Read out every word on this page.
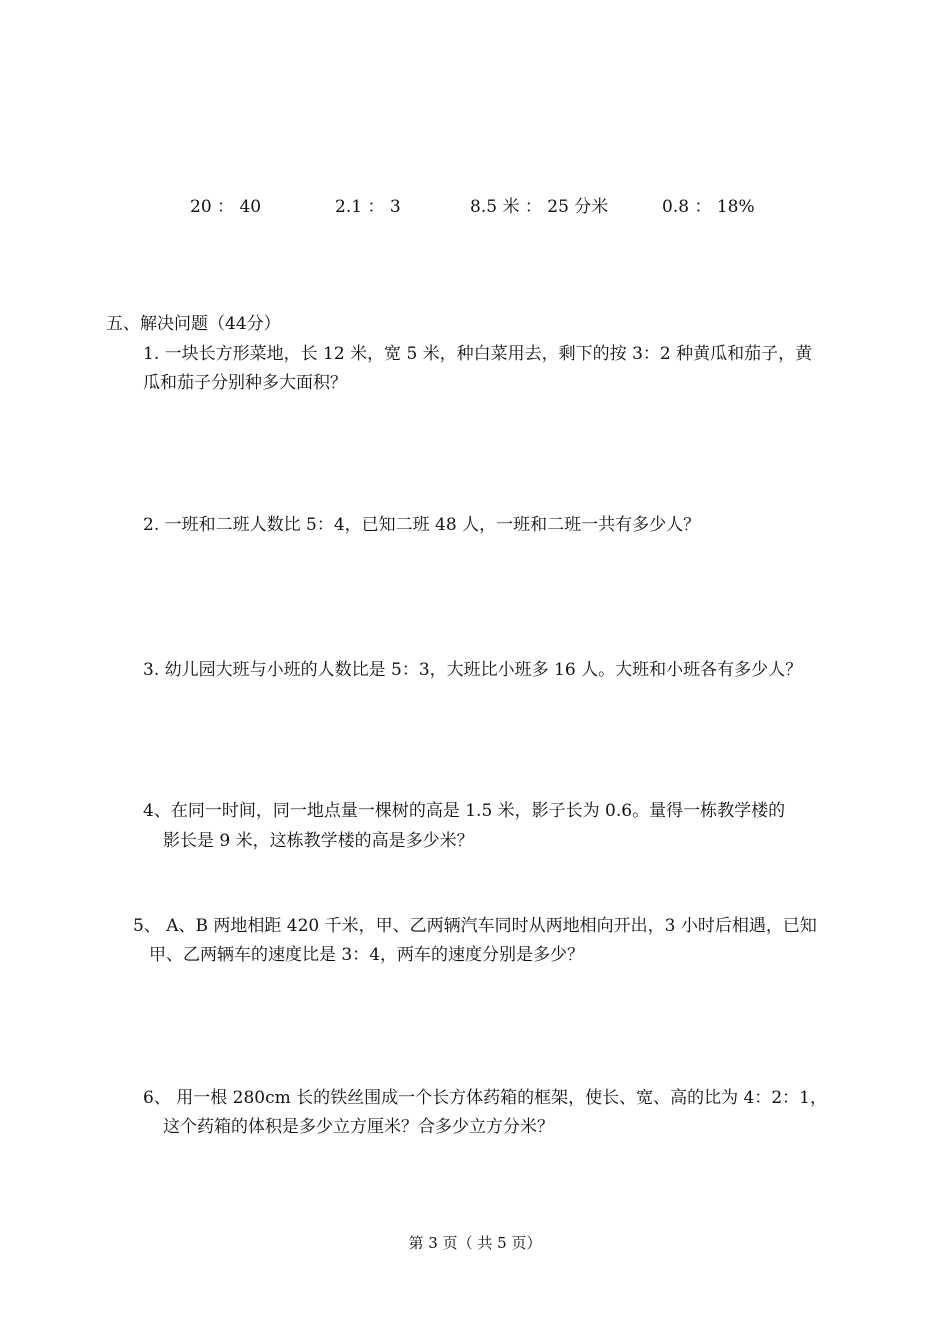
20 ： 40	2.1 ： 3	8.5 米 ： 25 分米	0.8 ： 18%
五、解决问题（44分）
1. 一块长方形菜地，长 12 米，宽 5 米，种白菜用去，剩下的按 3：2 种黄瓜和茄子，黄
瓜和茄子分别种多大面积？
2. 一班和二班人数比 5：4，已知二班 48 人，一班和二班一共有多少人？
3. 幼儿园大班与小班的人数比是 5：3，大班比小班多 16 人。大班和小班各有多少人？
4、在同一时间，同一地点量一棵树的高是 1.5 米，影子长为 0.6。量得一栋教学楼的
影长是 9 米，这栋教学楼的高是多少米？
5、 A、B 两地相距 420 千米，甲、乙两辆汽车同时从两地相向开出，3 小时后相遇，已知
甲、乙两辆车的速度比是 3：4，两车的速度分别是多少？
6、 用一根 280cm 长的铁丝围成一个长方体药箱的框架，使长、宽、高的比为 4：2：1，
这个药箱的体积是多少立方厘米？合多少立方分米？
第 3 页（ 共 5 页）
